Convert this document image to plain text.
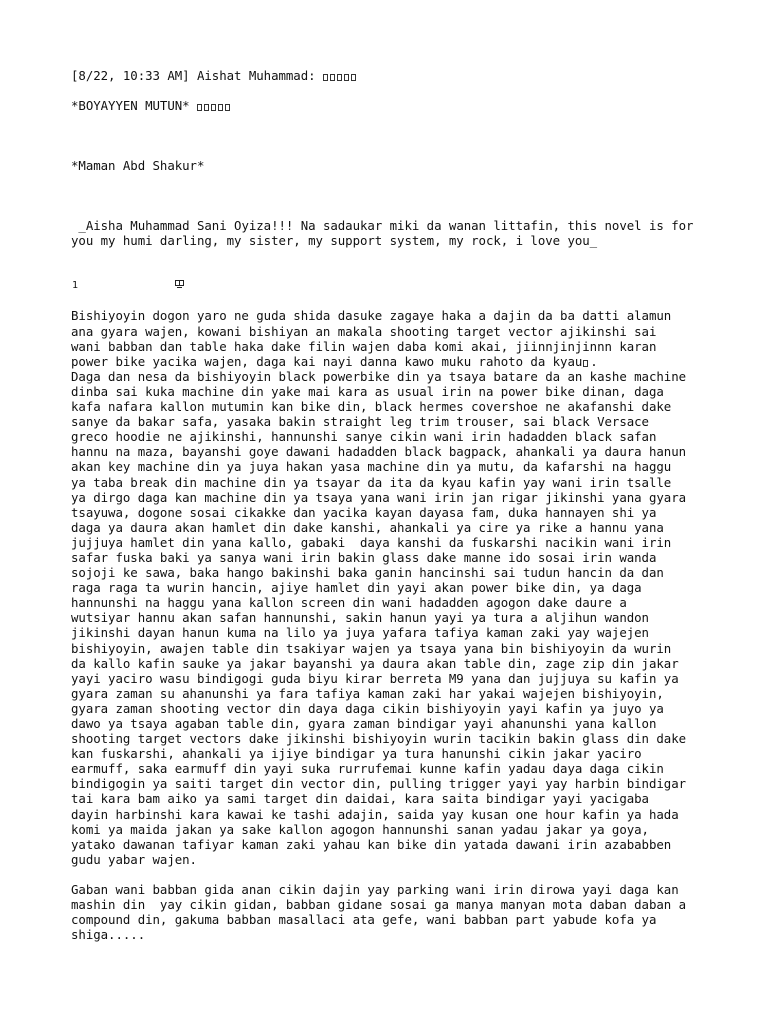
[8/22, 10:33 AM] Aishat Muhammad:

*BOYAYYEN MUTUN*

*Maman Abd Shakur*

_Aisha Muhammad Sani Oyiza!!! Na sadaukar miki da wanan littafin, this novel is for you my humi darling, my sister, my support system, my rock, i love you_

1

Bishiyoyin dogon yaro ne guda shida dasuke zagaye haka a dajin da ba datti alamun

ana gyara wajen, kowani bishiyan an makala shooting target vector ajikinshi sai

wani babban dan table haka dake filin wajen daba komi akai, jiinnjinjinnn karan

power bike yacika wajen, daga kai nayi danna kawo muku rahoto da kyau .

Daga dan nesa da bishiyoyin black powerbike din ya tsaya batare da an kashe machine

dinba sai kuka machine din yake mai kara as usual irin na power bike dinan, daga

kafa nafara kallon mutumin kan bike din, black hermes covershoe ne akafanshi dake

sanye da bakar safa, yasaka bakin straight leg trim trouser, sai black Versace

greco hoodie ne ajikinshi, hannunshi sanye cikin wani irin hadadden black safan

hannu na maza, bayanshi goye dawani hadadden black bagpack, ahankali ya daura hanun

akan key machine din ya juya hakan yasa machine din ya mutu, da kafarshi na haggu

ya taba break din machine din ya tsayar da ita da kyau kafin yay wani irin tsalle

ya dirgo daga kan machine din ya tsaya yana wani irin jan rigar jikinshi yana gyara

tsayuwa, dogone sosai cikakke dan yacika kayan dayasa fam, duka hannayen shi ya

daga ya daura akan hamlet din dake kanshi, ahankali ya cire ya rike a hannu yana

jujjuya hamlet din yana kallo, gabaki  daya kanshi da fuskarshi nacikin wani irin

safar fuska baki ya sanya wani irin bakin glass dake manne ido sosai irin wanda

sojoji ke sawa, baka hango bakinshi baka ganin hancinshi sai tudun hancin da dan

raga raga ta wurin hancin, ajiye hamlet din yayi akan power bike din, ya daga

hannunshi na haggu yana kallon screen din wani hadadden agogon dake daure a

wutsiyar hannu akan safan hannunshi, sakin hanun yayi ya tura a aljihun wandon

jikinshi dayan hanun kuma na lilo ya juya yafara tafiya kaman zaki yay wajejen

bishiyoyin, awajen table din tsakiyar wajen ya tsaya yana bin bishiyoyin da wurin

da kallo kafin sauke ya jakar bayanshi ya daura akan table din, zage zip din jakar

yayi yaciro wasu bindigogi guda biyu kirar berreta M9 yana dan jujjuya su kafin ya

gyara zaman su ahanunshi ya fara tafiya kaman zaki har yakai wajejen bishiyoyin,

gyara zaman shooting vector din daya daga cikin bishiyoyin yayi kafin ya juyo ya

dawo ya tsaya agaban table din, gyara zaman bindigar yayi ahanunshi yana kallon

shooting target vectors dake jikinshi bishiyoyin wurin tacikin bakin glass din dake

kan fuskarshi, ahankali ya ijiye bindigar ya tura hanunshi cikin jakar yaciro

earmuff, saka earmuff din yayi suka rurrufemai kunne kafin yadau daya daga cikin

bindigogin ya saiti target din vector din, pulling trigger yayi yay harbin bindigar

tai kara bam aiko ya sami target din daidai, kara saita bindigar yayi yacigaba

dayin harbinshi kara kawai ke tashi adajin, saida yay kusan one hour kafin ya hada

komi ya maida jakan ya sake kallon agogon hannunshi sanan yadau jakar ya goya,

yatako dawanan tafiyar kaman zaki yahau kan bike din yatada dawani irin azababben

gudu yabar wajen.

Gaban wani babban gida anan cikin dajin yay parking wani irin dirowa yayi daga kan

mashin din  yay cikin gidan, babban gidane sosai ga manya manyan mota daban daban a

compound din, gakuma babban masallaci ata gefe, wani babban part yabude kofa ya

shiga.....
